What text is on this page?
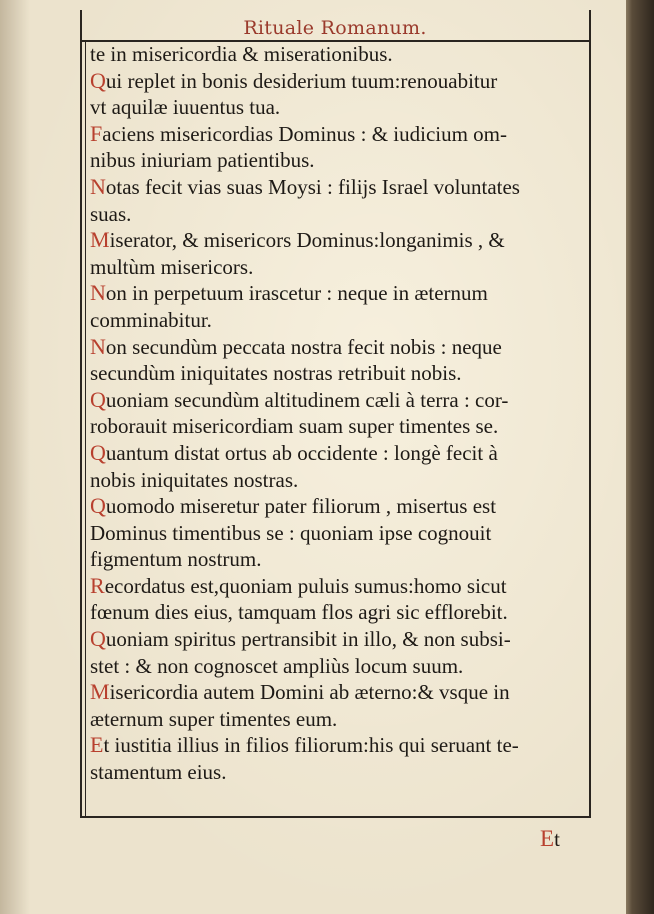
Rituale Romanum.
te in misericordia & miserationibus.
Qui replet in bonis desiderium tuum:renouabitur
vt aquilæ iuuentus tua.
Faciens misericordias Dominus : & iudicium om-
nibus iniuriam patientibus.
Notas fecit vias suas Moysi : filijs Israel voluntates
suas.
Miserator, & misericors Dominus:longanimis , &
multùm misericors.
Non in perpetuum irascetur : neque in æternum
comminabitur.
Non secundùm peccata nostra fecit nobis : neque
secundùm iniquitates nostras retribuit nobis.
Quoniam secundùm altitudinem cæli à terra : cor-
roborauit misericordiam suam super timentes se.
Quantum distat ortus ab occidente : longè fecit à
nobis iniquitates nostras.
Quomodo miseretur pater filiorum , misertus est
Dominus timentibus se : quoniam ipse cognouit
figmentum nostrum.
Recordatus est,quoniam puluis sumus:homo sicut
fœnum dies eius, tamquam flos agri sic efflorebit.
Quoniam spiritus pertransibit in illo, & non subsi-
stet : & non cognoscet ampliùs locum suum.
Misericordia autem Domini ab æterno:& vsque in
æternum super timentes eum.
Et iustitia illius in filios filiorum:his qui seruant te-
stamentum eius.
Et
